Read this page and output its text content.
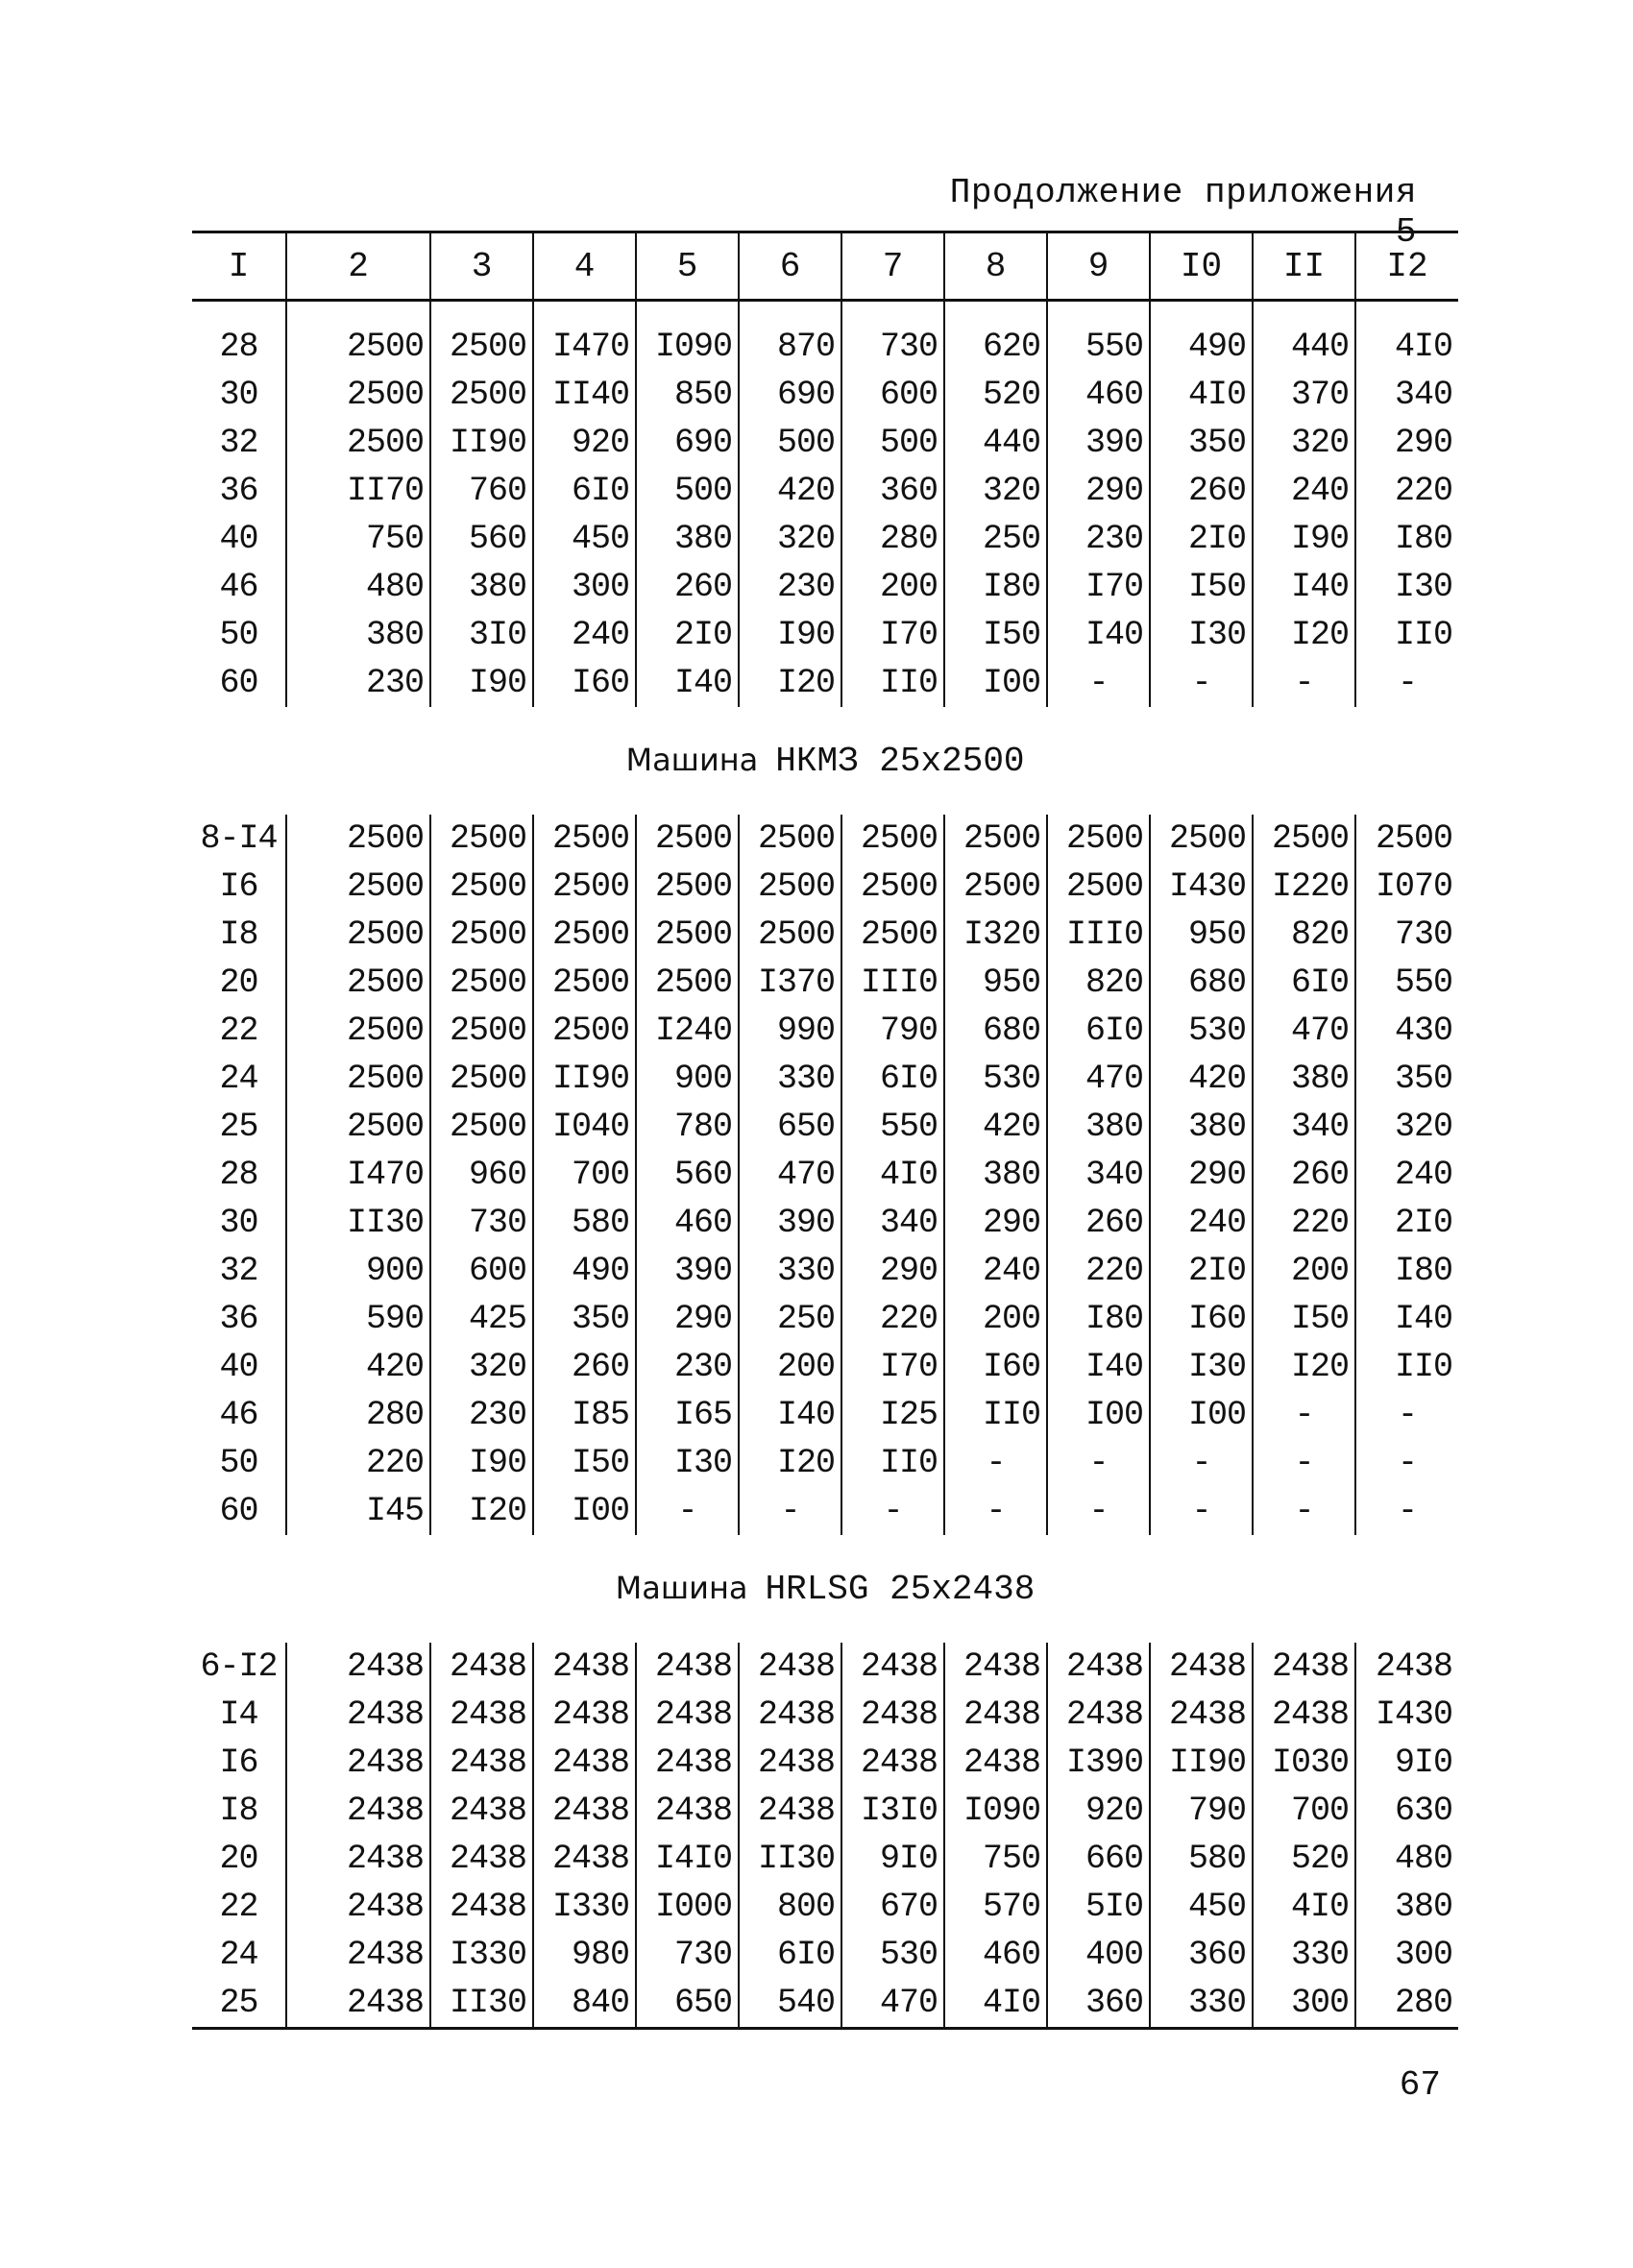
Продолжение приложения 5
I	2	3	4	5	6	7	8	9	I0	II	I2

28	2500	2500	I470	I090	870	730	620	550	490	440	4I0
30	2500	2500	II40	850	690	600	520	460	4I0	370	340
32	2500	II90	920	690	500	500	440	390	350	320	290
36	II70	760	6I0	500	420	360	320	290	260	240	220
40	750	560	450	380	320	280	250	230	2I0	I90	I80
46	480	380	300	260	230	200	I80	I70	I50	I40	I30
50	380	3I0	240	2I0	I90	I70	I50	I40	I30	I20	II0
60	230	I90	I60	I40	I20	II0	I00	-	-	-	-
Машина НКМЗ 25х2500											
8-I4	2500	2500	2500	2500	2500	2500	2500	2500	2500	2500	2500
I6	2500	2500	2500	2500	2500	2500	2500	2500	I430	I220	I070
I8	2500	2500	2500	2500	2500	2500	I320	III0	950	820	730
20	2500	2500	2500	2500	I370	III0	950	820	680	6I0	550
22	2500	2500	2500	I240	990	790	680	6I0	530	470	430
24	2500	2500	II90	900	330	6I0	530	470	420	380	350
25	2500	2500	I040	780	650	550	420	380	380	340	320
28	I470	960	700	560	470	4I0	380	340	290	260	240
30	II30	730	580	460	390	340	290	260	240	220	2I0
32	900	600	490	390	330	290	240	220	2I0	200	I80
36	590	425	350	290	250	220	200	I80	I60	I50	I40
40	420	320	260	230	200	I70	I60	I40	I30	I20	II0
46	280	230	I85	I65	I40	I25	II0	I00	I00	-	-
50	220	I90	I50	I30	I20	II0	-	-	-	-	-
60	I45	I20	I00	-	-	-	-	-	-	-	-
Машина HRLSG 25x2438											
6-I2	2438	2438	2438	2438	2438	2438	2438	2438	2438	2438	2438
I4	2438	2438	2438	2438	2438	2438	2438	2438	2438	2438	I430
I6	2438	2438	2438	2438	2438	2438	2438	I390	II90	I030	9I0
I8	2438	2438	2438	2438	2438	I3I0	I090	920	790	700	630
20	2438	2438	2438	I4I0	II30	9I0	750	660	580	520	480
22	2438	2438	I330	I000	800	670	570	5I0	450	4I0	380
24	2438	I330	980	730	6I0	530	460	400	360	330	300
25	2438	II30	840	650	540	470	4I0	360	330	300	280
67
